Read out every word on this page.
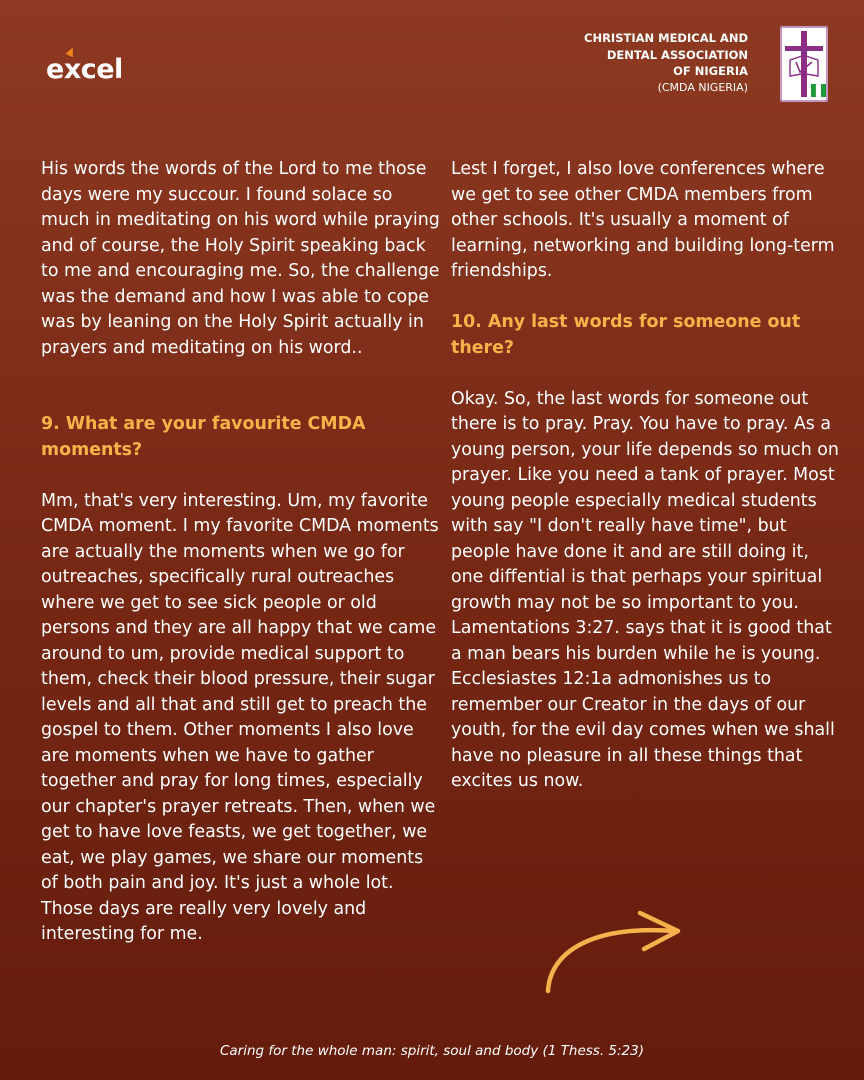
e
xcel
CHRISTIAN MEDICAL AND
DENTAL ASSOCIATION
OF NIGERIA
(CMDA NIGERIA)

His words the words of the Lord to me those days were my succour. I found solace so much in meditating on his word while praying and of course, the Holy Spirit speaking back to me and encouraging me. So, the challenge was the demand and how I was able to cope was by leaning on the Holy Spirit actually in prayers and meditating on his word..

9. What are your favourite CMDA moments?

Mm, that's very interesting. Um, my favorite CMDA moment. I my favorite CMDA moments are actually the moments when we go for outreaches, specifically rural outreaches where we get to see sick people or old persons and they are all happy that we came around to um, provide medical support to them, check their blood pressure, their sugar levels and all that and still get to preach the gospel to them. Other moments I also love are moments when we have to gather together and pray for long times, especially our chapter's prayer retreats. Then, when we get to have love feasts, we get together, we eat, we play games, we share our moments of both pain and joy. It's just a whole lot. Those days are really very lovely and interesting for me.

Lest I forget, I also love conferences where we get to see other CMDA members from other schools. It's usually a moment of learning, networking and building long-term friendships.

10. Any last words for someone out there?

Okay. So, the last words for someone out there is to pray. Pray. You have to pray. As a young person, your life depends so much on prayer. Like you need a tank of prayer. Most young people especially medical students with say "I don't really have time", but people have done it and are still doing it, one diffential is that perhaps your spiritual growth may not be so important to you. Lamentations 3:27. says that it is good that a man bears his burden while he is young. Ecclesiastes 12:1a admonishes us to remember our Creator in the days of our youth, for the evil day comes when we shall have no pleasure in all these things that excites us now.

Caring for the whole man: spirit, soul and body (1 Thess. 5:23)
